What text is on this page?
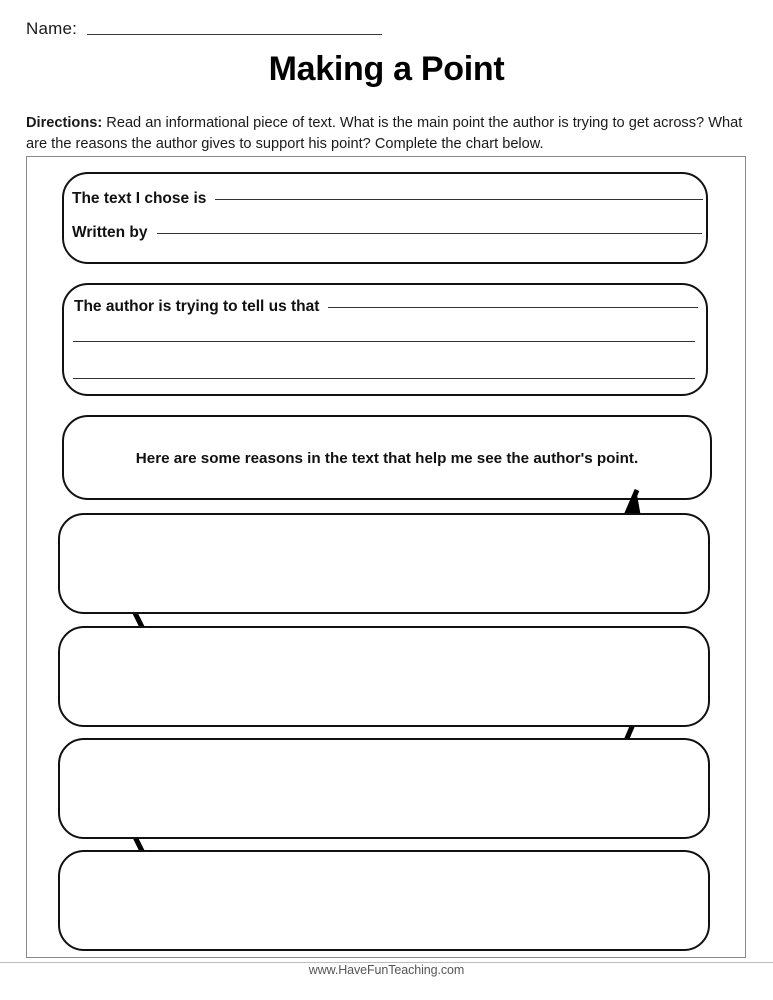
Name:
Making a Point
Directions: Read an informational piece of text. What is the main point the author is trying to get across? What are the reasons the author gives to support his point? Complete the chart below.
The text I chose is
Written by
The author is trying to tell us that
Here are some reasons in the text that help me see the author's point.
www.HaveFunTeaching.com
